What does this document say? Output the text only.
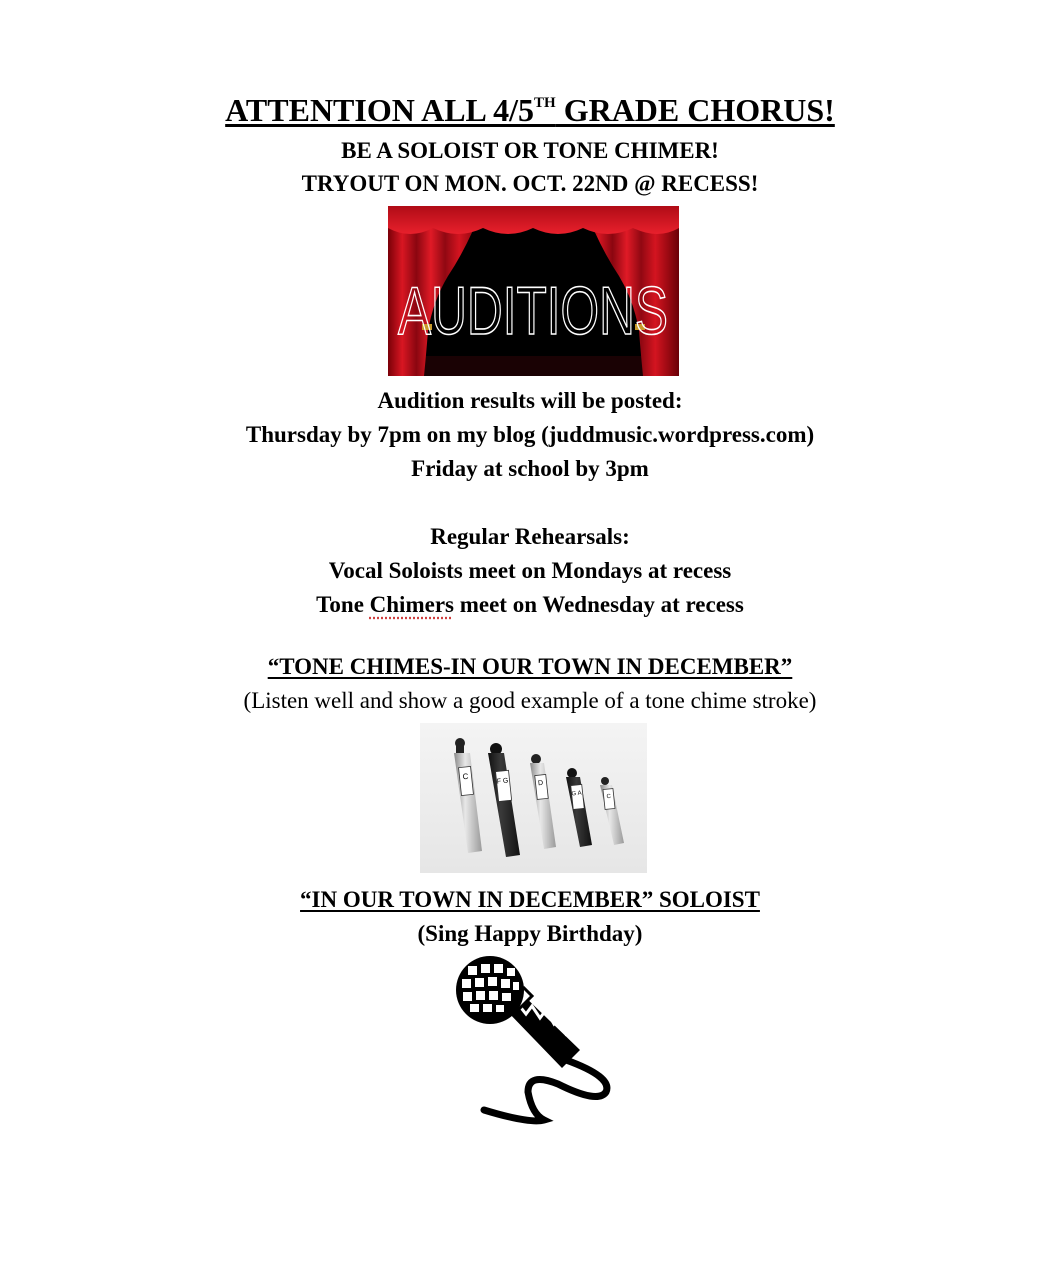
ATTENTION ALL 4/5TH GRADE CHORUS!
BE A SOLOIST OR TONE CHIMER!
TRYOUT ON MON. OCT. 22ND @ RECESS!
AUDITIONS
Audition results will be posted:
Thursday by 7pm on my blog (juddmusic.wordpress.com)
Friday at school by 3pm
Regular Rehearsals:
Vocal Soloists meet on Mondays at recess
Tone Chimers meet on Wednesday at recess
“TONE CHIMES-IN OUR TOWN IN DECEMBER”
(Listen well and show a good example of a tone chime stroke)
C
F G	D
G A	C
“IN OUR TOWN IN DECEMBER” SOLOIST
(Sing Happy Birthday)
